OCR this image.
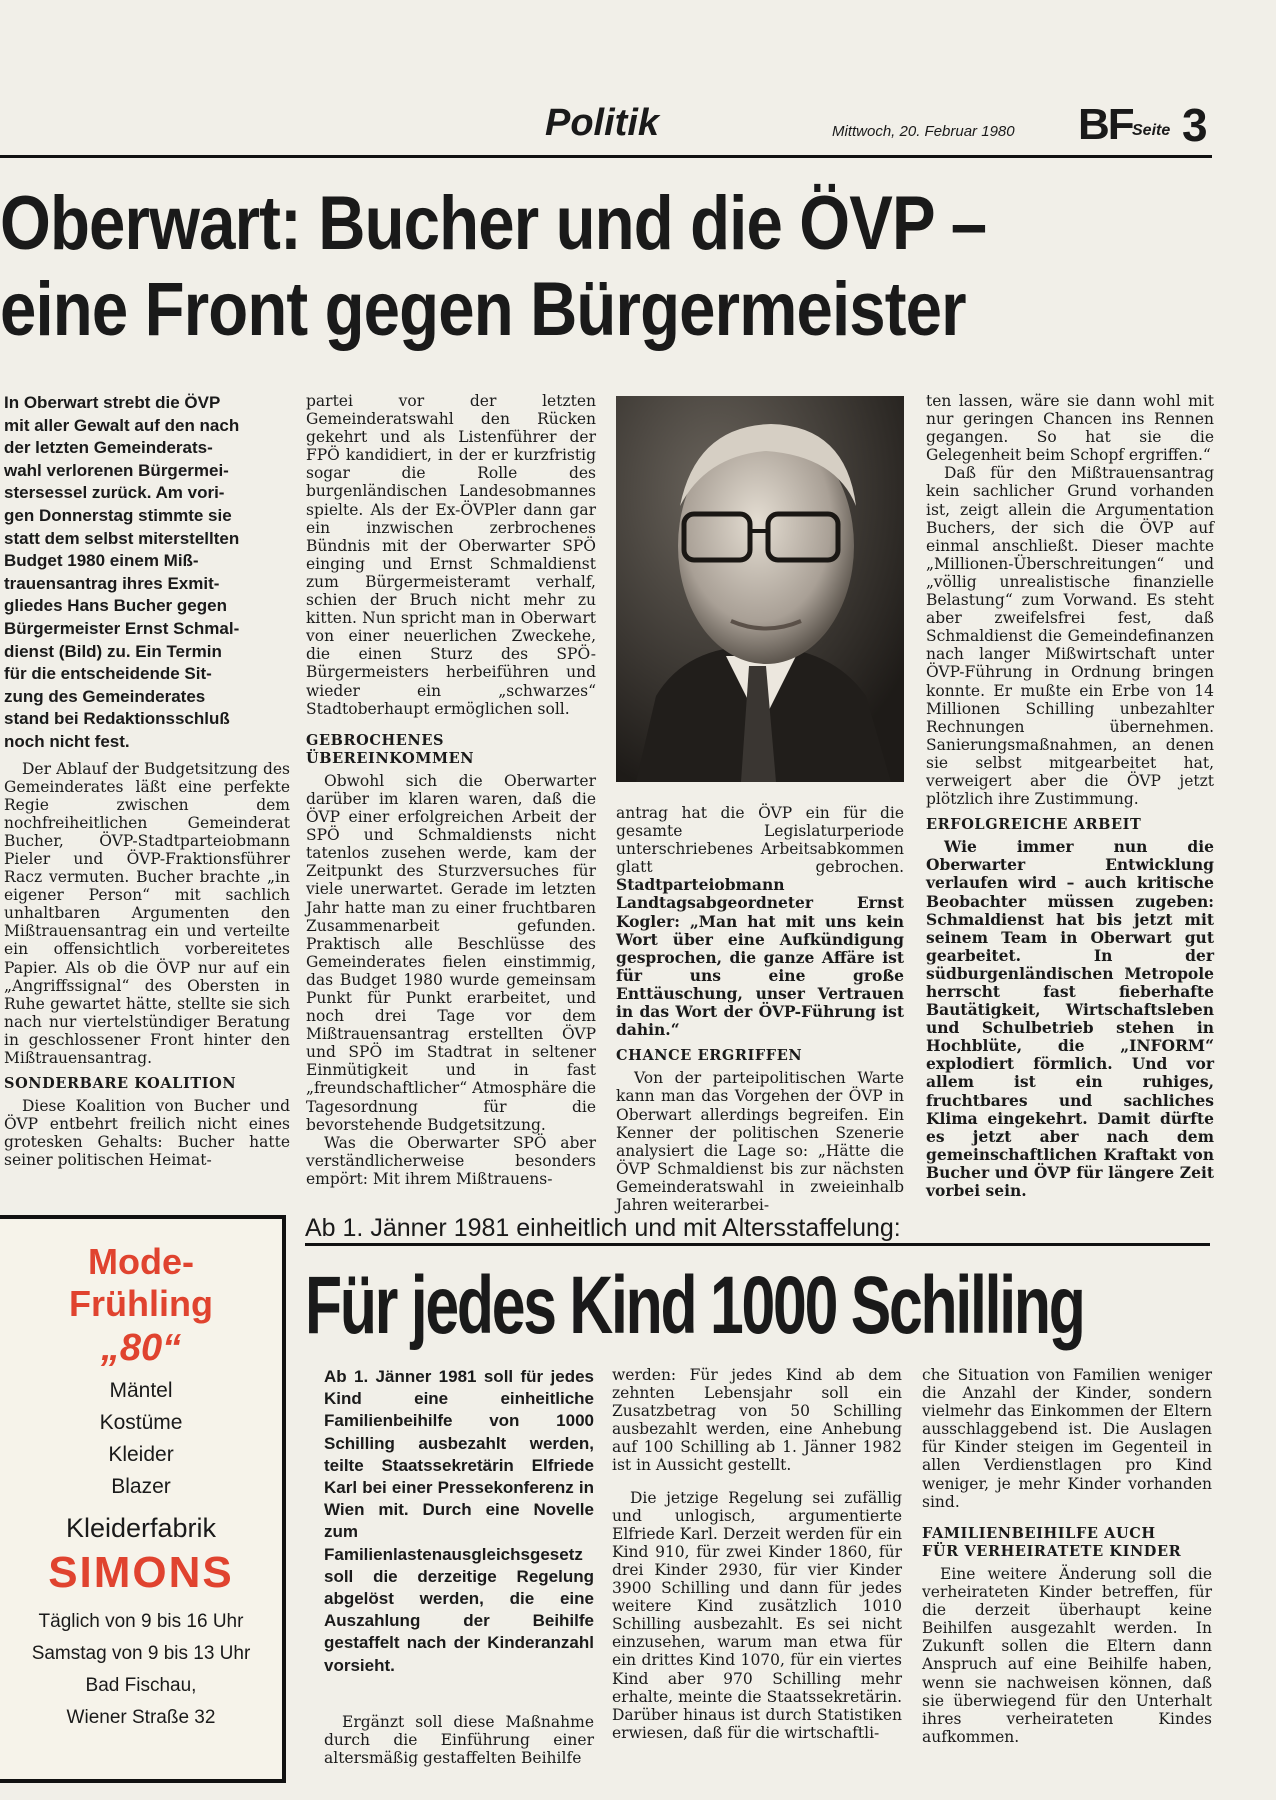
Politik	Mittwoch, 20. Februar 1980 BF Seite 3
Oberwart: Bucher und die ÖVP –
eine Front gegen Bürgermeister
In Oberwart strebt die ÖVP
mit aller Gewalt auf den nach
der letzten Gemeinderats-
wahl verlorenen Bürgermei-
stersessel zurück. Am vori-
gen Donnerstag stimmte sie
statt dem selbst miterstellten
Budget 1980 einem Miß-
trauensantrag ihres Exmit-
gliedes Hans Bucher gegen
Bürgermeister Ernst Schmal-
dienst (Bild) zu. Ein Termin
für die entscheidende Sit-
zung des Gemeinderates
stand bei Redaktionsschluß
noch nicht fest.

Der Ablauf der Budgetsitzung des Gemeinderates läßt eine perfekte Regie zwischen dem nochfreiheitlichen Gemeinderat Bucher, ÖVP-Stadtparteiobmann Pieler und ÖVP-Fraktionsführer Racz vermuten. Bucher brachte „in eigener Person“ mit sachlich unhaltbaren Argumenten den Mißtrauensantrag ein und verteilte ein offensichtlich vorbereitetes Papier. Als ob die ÖVP nur auf ein „Angriffssignal“ des Obersten in Ruhe gewartet hätte, stellte sie sich nach nur viertelstündiger Beratung in geschlossener Front hinter den Mißtrauensantrag.

SONDERBARE KOALITION

Diese Koalition von Bucher und ÖVP entbehrt freilich nicht eines grotesken Gehalts: Bucher hatte seiner politischen Heimat-

partei vor der letzten Gemeinderatswahl den Rücken gekehrt und als Listenführer der FPÖ kandidiert, in der er kurzfristig sogar die Rolle des burgenländischen Landesobmannes spielte. Als der Ex-ÖVPler dann gar ein inzwischen zerbrochenes Bündnis mit der Oberwarter SPÖ einging und Ernst Schmaldienst zum Bürgermeisteramt verhalf, schien der Bruch nicht mehr zu kitten. Nun spricht man in Oberwart von einer neuerlichen Zweckehe, die einen Sturz des SPÖ-Bürgermeisters herbeiführen und wieder ein „schwarzes“ Stadtoberhaupt ermöglichen soll.

GEBROCHENES
ÜBEREINKOMMEN

Obwohl sich die Oberwarter darüber im klaren waren, daß die ÖVP einer erfolgreichen Arbeit der SPÖ und Schmaldiensts nicht tatenlos zusehen werde, kam der Zeitpunkt des Sturzversuches für viele unerwartet. Gerade im letzten Jahr hatte man zu einer fruchtbaren Zusammenarbeit gefunden. Praktisch alle Beschlüsse des Gemeinderates fielen einstimmig, das Budget 1980 wurde gemeinsam Punkt für Punkt erarbeitet, und noch drei Tage vor dem Mißtrauensantrag erstellten ÖVP und SPÖ im Stadtrat in seltener Einmütigkeit und in fast „freundschaftlicher“ Atmosphäre die Tagesordnung für die bevorstehende Budgetsitzung.

Was die Oberwarter SPÖ aber verständlicherweise besonders empört: Mit ihrem Mißtrauens-

antrag hat die ÖVP ein für die gesamte Legislaturperiode unterschriebenes Arbeitsabkommen glatt gebrochen. Stadtparteiobmann Landtagsabgeordneter Ernst Kogler: „Man hat mit uns kein Wort über eine Aufkündigung gesprochen, die ganze Affäre ist für uns eine große Enttäuschung, unser Vertrauen in das Wort der ÖVP-Führung ist dahin.“

CHANCE ERGRIFFEN

Von der parteipolitischen Warte kann man das Vorgehen der ÖVP in Oberwart allerdings begreifen. Ein Kenner der politischen Szenerie analysiert die Lage so: „Hätte die ÖVP Schmaldienst bis zur nächsten Gemeinderatswahl in zweieinhalb Jahren weiterarbei-

ten lassen, wäre sie dann wohl mit nur geringen Chancen ins Rennen gegangen. So hat sie die Gelegenheit beim Schopf ergriffen.“

Daß für den Mißtrauensantrag kein sachlicher Grund vorhanden ist, zeigt allein die Argumentation Buchers, der sich die ÖVP auf einmal anschließt. Dieser machte „Millionen-Überschreitungen“ und „völlig unrealistische finanzielle Belastung“ zum Vorwand. Es steht aber zweifelsfrei fest, daß Schmaldienst die Gemeindefinanzen nach langer Mißwirtschaft unter ÖVP-Führung in Ordnung bringen konnte. Er mußte ein Erbe von 14 Millionen Schilling unbezahlter Rechnungen übernehmen. Sanierungsmaßnahmen, an denen sie selbst mitgearbeitet hat, verweigert aber die ÖVP jetzt plötzlich ihre Zustimmung.

ERFOLGREICHE ARBEIT

Wie immer nun die Oberwarter Entwicklung verlaufen wird – auch kritische Beobachter müssen zugeben: Schmaldienst hat bis jetzt mit seinem Team in Oberwart gut gearbeitet. In der südburgenländischen Metropole herrscht fast fieberhafte Bautätigkeit, Wirtschaftsleben und Schulbetrieb stehen in Hochblüte, die „INFORM“ explodiert förmlich. Und vor allem ist ein ruhiges, fruchtbares und sachliches Klima eingekehrt. Damit dürfte es jetzt aber nach dem gemeinschaftlichen Kraftakt von Bucher und ÖVP für längere Zeit vorbei sein.

Mode-
Frühling
„80“
Mäntel
Kostüme
Kleider
Blazer
Kleiderfabrik
SIMONS
Täglich von 9 bis 16 Uhr
Samstag von 9 bis 13 Uhr
Bad Fischau,
Wiener Straße 32
Ab 1. Jänner 1981 einheitlich und mit Altersstaffelung:
Für jedes Kind 1000 Schilling
Ab 1. Jänner 1981 soll für jedes Kind eine einheitliche Familienbeihilfe von 1000 Schilling ausbezahlt werden, teilte Staatssekretärin Elfriede Karl bei einer Pressekonferenz in Wien mit. Durch eine Novelle zum Familienlastenausgleichsgesetz soll die derzeitige Regelung abgelöst werden, die eine Auszahlung der Beihilfe gestaffelt nach der Kinderanzahl vorsieht.

Ergänzt soll diese Maßnahme durch die Einführung einer altersmäßig gestaffelten Beihilfe

werden: Für jedes Kind ab dem zehnten Lebensjahr soll ein Zusatzbetrag von 50 Schilling ausbezahlt werden, eine Anhebung auf 100 Schilling ab 1. Jänner 1982 ist in Aussicht gestellt.

Die jetzige Regelung sei zufällig und unlogisch, argumentierte Elfriede Karl. Derzeit werden für ein Kind 910, für zwei Kinder 1860, für drei Kinder 2930, für vier Kinder 3900 Schilling und dann für jedes weitere Kind zusätzlich 1010 Schilling ausbezahlt. Es sei nicht einzusehen, warum man etwa für ein drittes Kind 1070, für ein viertes Kind aber 970 Schilling mehr erhalte, meinte die Staatssekretärin. Darüber hinaus ist durch Statistiken erwiesen, daß für die wirtschaftli-

che Situation von Familien weniger die Anzahl der Kinder, sondern vielmehr das Einkommen der Eltern ausschlaggebend ist. Die Auslagen für Kinder steigen im Gegenteil in allen Verdienstlagen pro Kind weniger, je mehr Kinder vorhanden sind.

FAMILIENBEIHILFE AUCH
FÜR VERHEIRATETE KINDER

Eine weitere Änderung soll die verheirateten Kinder betreffen, für die derzeit überhaupt keine Beihilfen ausgezahlt werden. In Zukunft sollen die Eltern dann Anspruch auf eine Beihilfe haben, wenn sie nachweisen können, daß sie überwiegend für den Unterhalt ihres verheirateten Kindes aufkommen.
